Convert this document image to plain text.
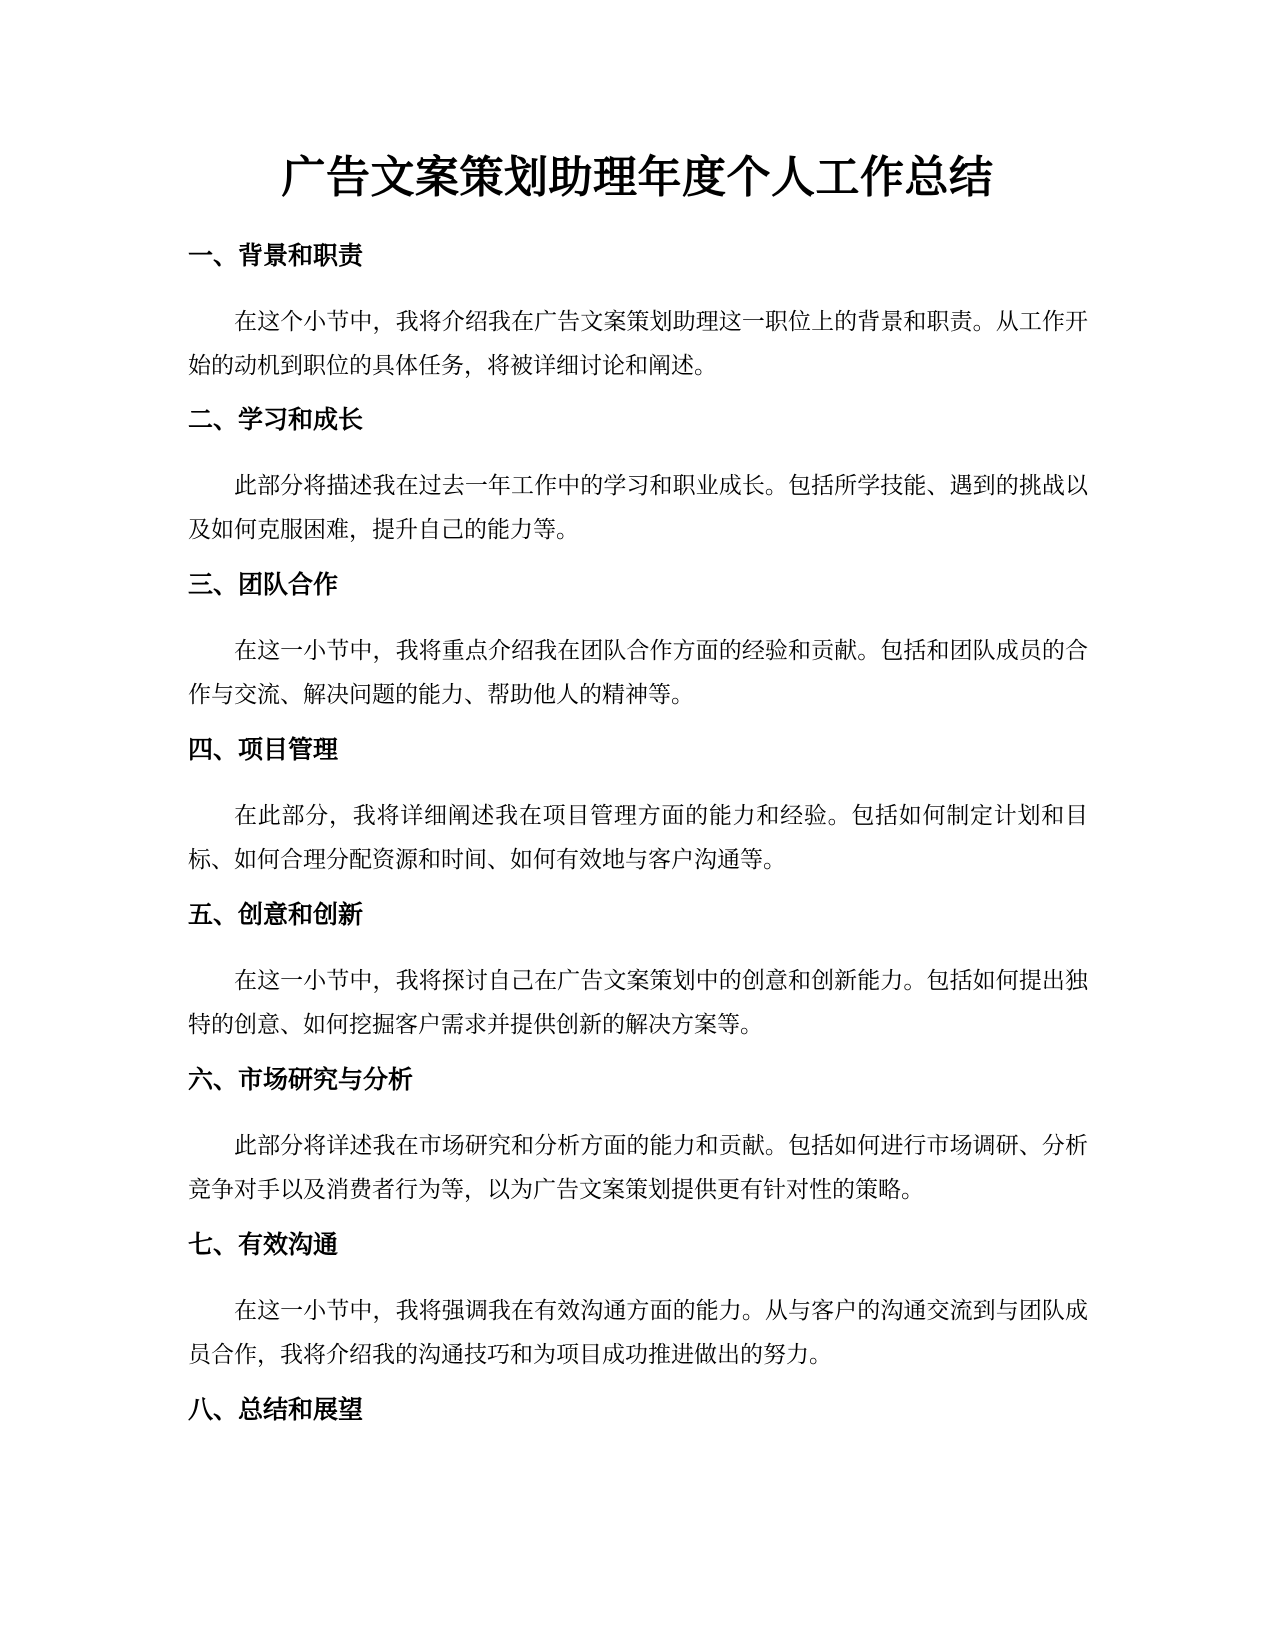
广告文案策划助理年度个人工作总结
一、背景和职责

在这个小节中，我将介绍我在广告文案策划助理这一职位上的背景和职责。从工作开始的动机到职位的具体任务，将被详细讨论和阐述。

二、学习和成长

此部分将描述我在过去一年工作中的学习和职业成长。包括所学技能、遇到的挑战以及如何克服困难，提升自己的能力等。

三、团队合作

在这一小节中，我将重点介绍我在团队合作方面的经验和贡献。包括和团队成员的合作与交流、解决问题的能力、帮助他人的精神等。

四、项目管理

在此部分，我将详细阐述我在项目管理方面的能力和经验。包括如何制定计划和目标、如何合理分配资源和时间、如何有效地与客户沟通等。

五、创意和创新

在这一小节中，我将探讨自己在广告文案策划中的创意和创新能力。包括如何提出独特的创意、如何挖掘客户需求并提供创新的解决方案等。

六、市场研究与分析

此部分将详述我在市场研究和分析方面的能力和贡献。包括如何进行市场调研、分析竞争对手以及消费者行为等，以为广告文案策划提供更有针对性的策略。

七、有效沟通

在这一小节中，我将强调我在有效沟通方面的能力。从与客户的沟通交流到与团队成员合作，我将介绍我的沟通技巧和为项目成功推进做出的努力。

八、总结和展望
